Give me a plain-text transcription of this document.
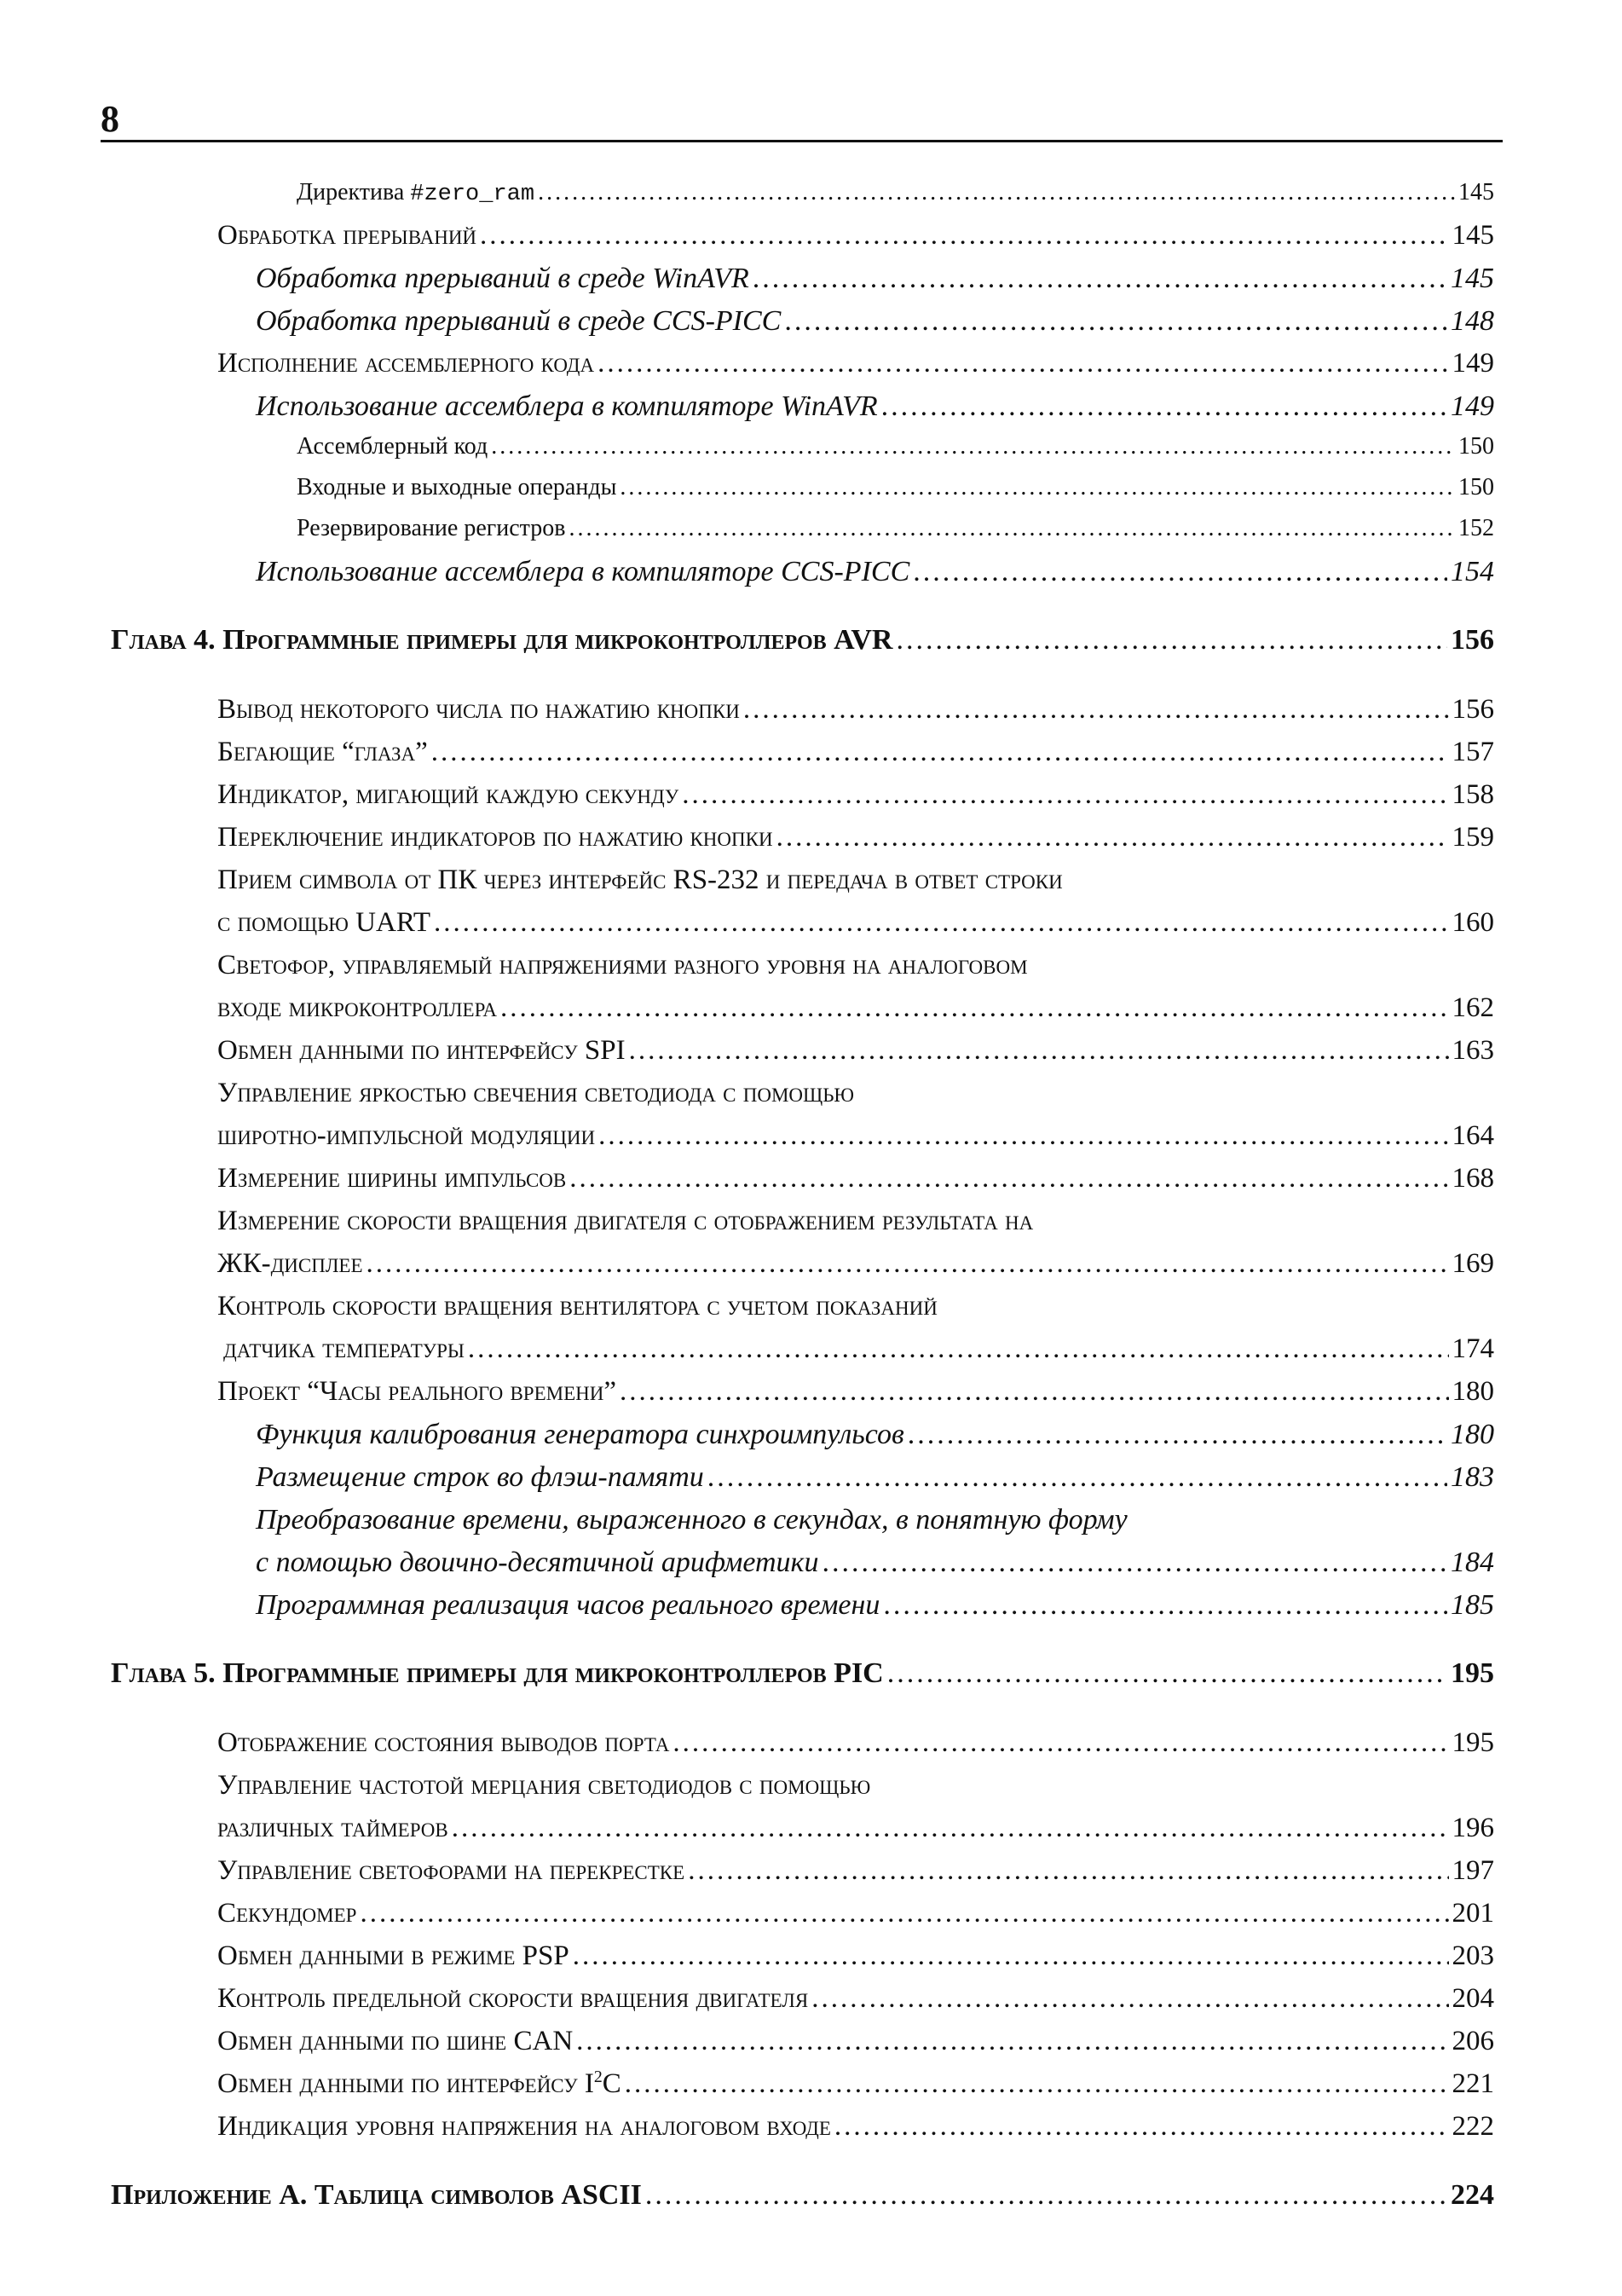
8
Директива #zero_ram .....	145
Обработка прерываний .....	145
Обработка прерываний в среде WinAVR .....	145
Обработка прерываний в среде CCS-PICC .....	148
Исполнение ассемблерного кода .....	149
Использование ассемблера в компиляторе WinAVR .....	149
Ассемблерный код .....	150
Входные и выходные операнды .....	150
Резервирование регистров .....	152
Использование ассемблера в компиляторе CCS-PICC .....	154
Глава 4. Программные примеры для микроконтроллеров AVR .....	156
Вывод некоторого числа по нажатию кнопки .....	156
Бегающие “глаза” .....	157
Индикатор, мигающий каждую секунду .....	158
Переключение индикаторов по нажатию кнопки .....	159
Прием символа от ПК через интерфейс RS-232 и передача в ответ строки
с помощью UART .....	160
Светофор, управляемый напряжениями разного уровня на аналоговом
входе микроконтроллера .....	162
Обмен данными по интерфейсу SPI .....	163
Управление яркостью свечения светодиода с помощью
широтно-импульсной модуляции .....	164
Измерение ширины импульсов .....	168
Измерение скорости вращения двигателя с отображением результата на
ЖК-дисплее .....	169
Контроль скорости вращения вентилятора с учетом показаний
датчика температуры .....	174
Проект “Часы реального времени” .....	180
Функция калибрования генератора синхроимпульсов .....	180
Размещение строк во флэш-памяти .....	183
Преобразование времени, выраженного в секундах, в понятную форму
с помощью двоично-десятичной арифметики .....	184
Программная реализация часов реального времени .....	185
Глава 5. Программные примеры для микроконтроллеров PIC .....	195
Отображение состояния выводов порта .....	195
Управление частотой мерцания светодиодов с помощью
различных таймеров .....	196
Управление светофорами на перекрестке .....	197
Секундомер .....	201
Обмен данными в режиме PSP .....	203
Контроль предельной скорости вращения двигателя .....	204
Обмен данными по шине CAN .....	206
Обмен данными по интерфейсу $I^2C$ .....	221
Индикация уровня напряжения на аналоговом входе .....	222
Приложение А. Таблица символов ASCII .....	224
